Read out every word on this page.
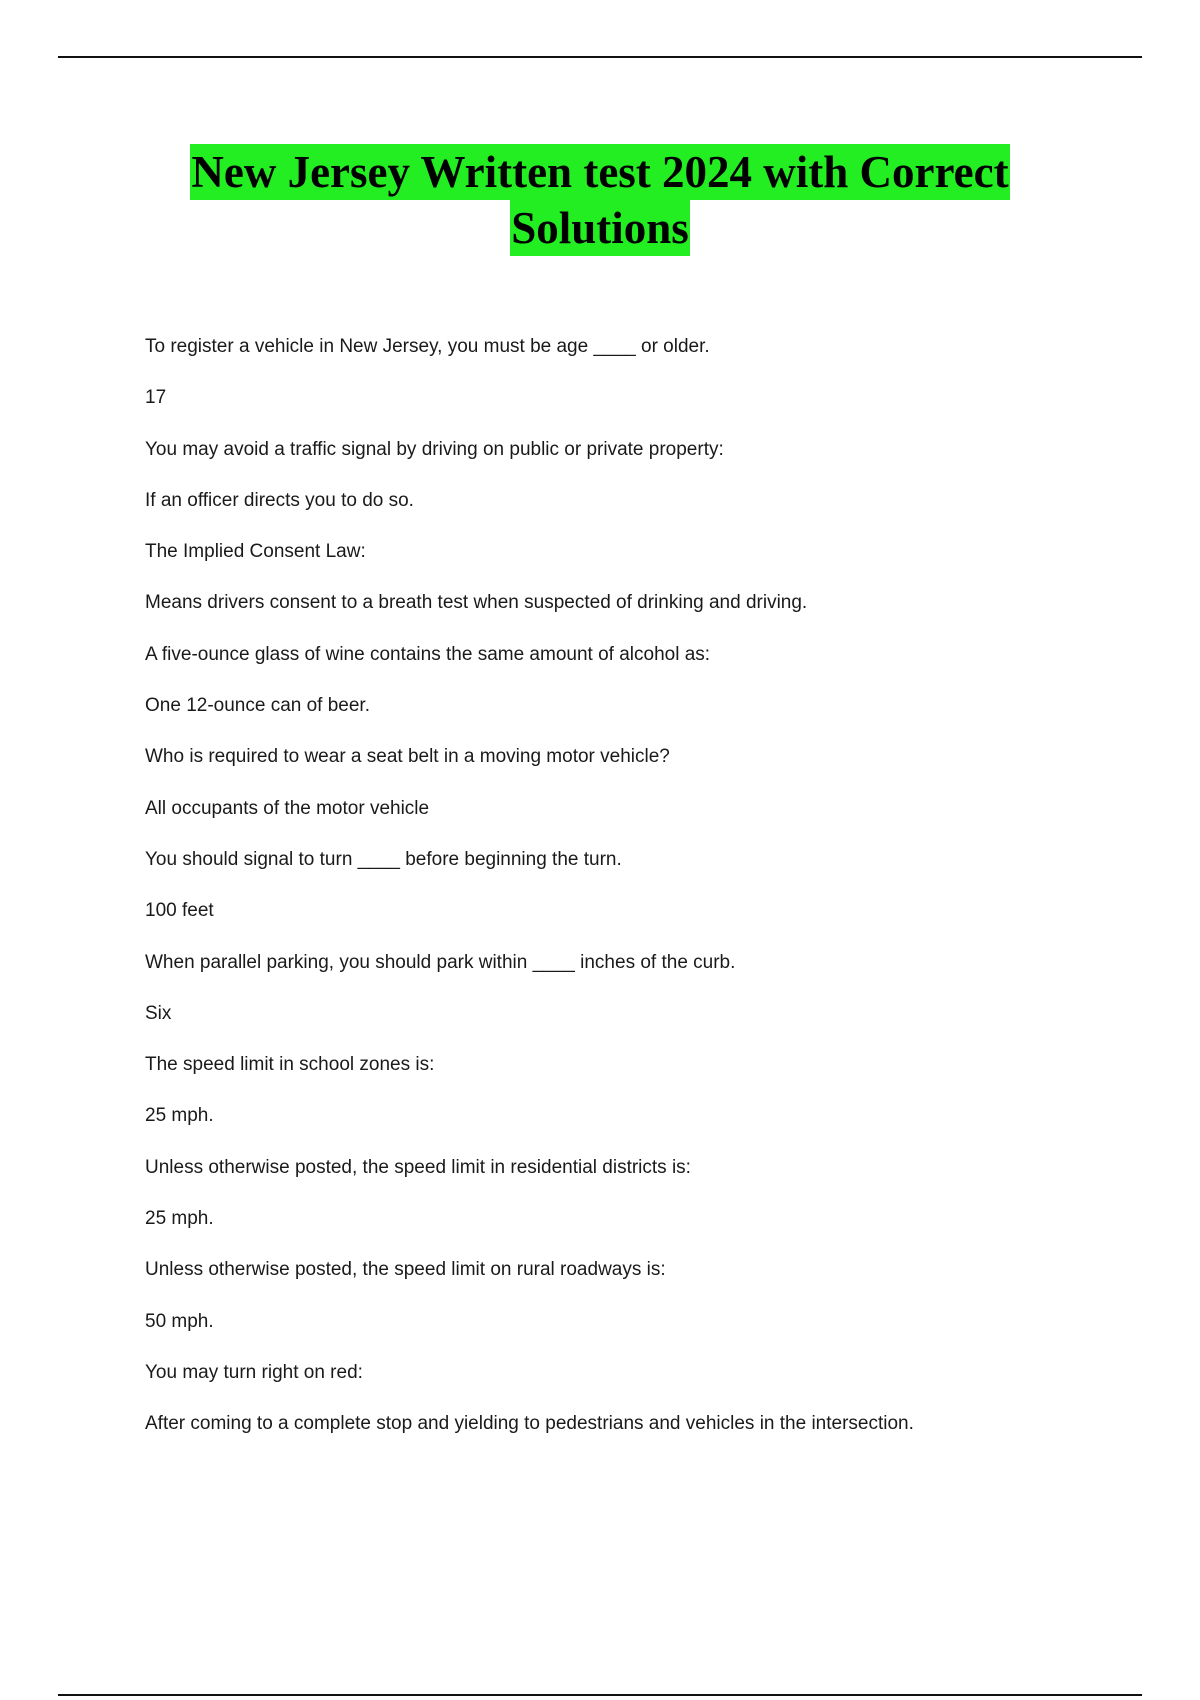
New Jersey Written test 2024 with Correct
Solutions
To register a vehicle in New Jersey, you must be age ____ or older.
17
You may avoid a traffic signal by driving on public or private property:
If an officer directs you to do so.
The Implied Consent Law:
Means drivers consent to a breath test when suspected of drinking and driving.
A five-ounce glass of wine contains the same amount of alcohol as:
One 12-ounce can of beer.
Who is required to wear a seat belt in a moving motor vehicle?
All occupants of the motor vehicle
You should signal to turn ____ before beginning the turn.
100 feet
When parallel parking, you should park within ____ inches of the curb.
Six
The speed limit in school zones is:
25 mph.
Unless otherwise posted, the speed limit in residential districts is:
25 mph.
Unless otherwise posted, the speed limit on rural roadways is:
50 mph.
You may turn right on red:
After coming to a complete stop and yielding to pedestrians and vehicles in the intersection.
